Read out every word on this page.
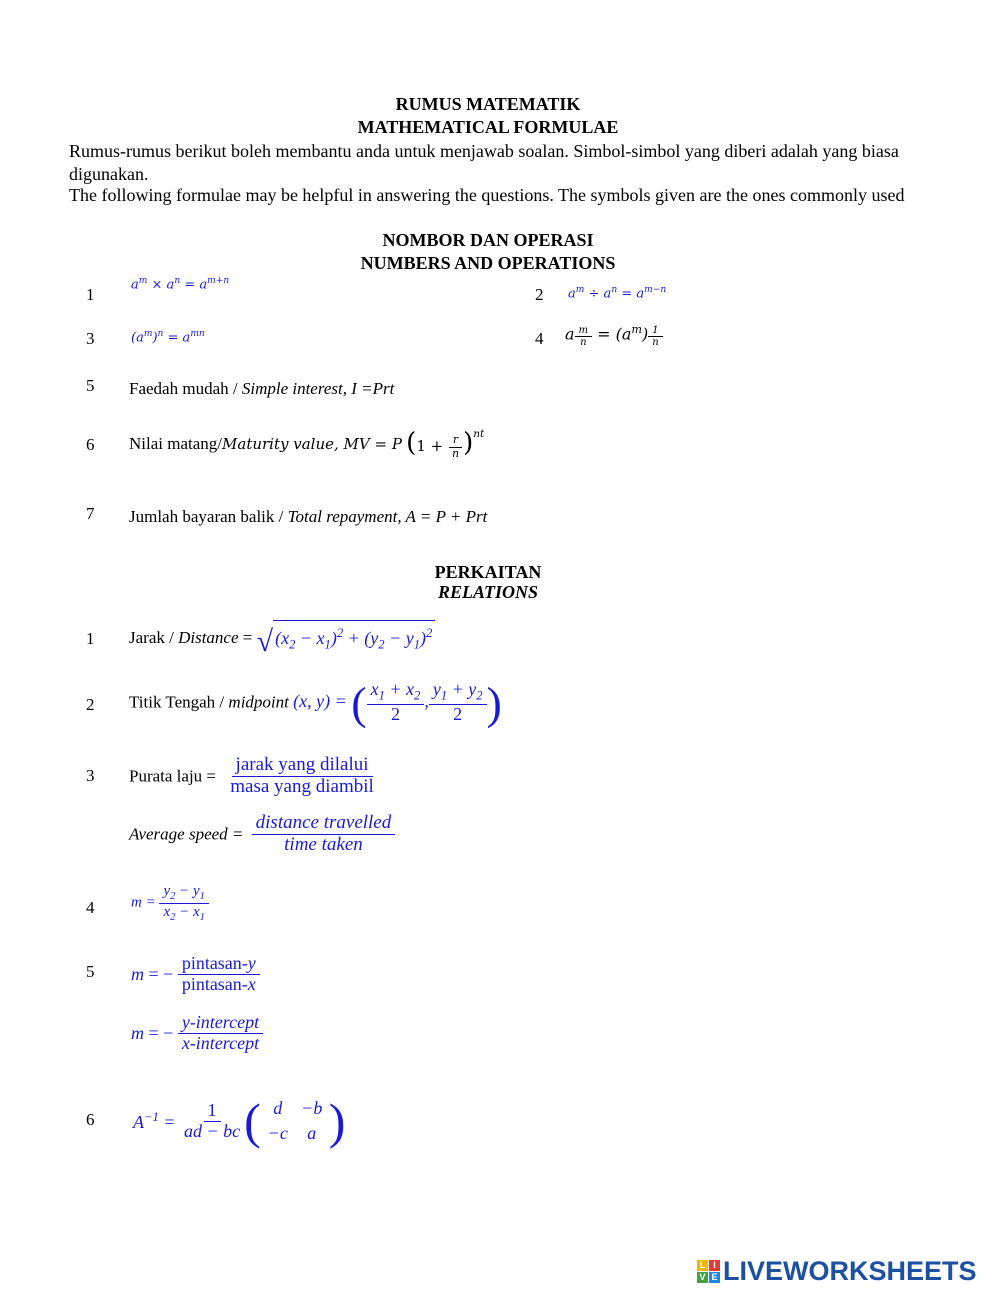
RUMUS MATEMATIK
MATHEMATICAL FORMULAE
Rumus-rumus berikut boleh membantu anda untuk menjawab soalan. Simbol-simbol yang diberi adalah yang biasa digunakan.
The following formulae may be helpful in answering the questions. The symbols given are the ones commonly used
NOMBOR DAN OPERASI
NUMBERS AND OPERATIONS
1
$a^m \times a^n = a^{m+n}$
2 $a^m \div a^n = a^{m-n}$
3	$(a^m)^n = a^{mn}$	4 a $\frac{m}{n} = (a^m) \frac{1}{n}$
5 Faedah mudah / Simple interest, I =Prt
6 Nilai matang/Maturity value, MV = P $(1 + \frac{r}{n} )^{nt}$
7 Jumlah bayaran balik / Total repayment, A = P + Prt
PERKAITAN
RELATIONS
1 Jarak / Distance = √ $(x_2 - x_1)^2 + (y_2 - y_1)^2$
2 Titik Tengah / midpoint (x, y) = ( $\frac{x_1 + x_2}{2}$ , $\frac{y_1 + y_2}{2}$ )
3 Purata laju = $\frac{\text{jarak yang dilalui}}{\text{masa yang diambil}}$
Average speed = $\frac{\text{distance travelled}}{\text{time taken}}$
4 $m = \frac{y_2 - y_1}{x_2 - x_1}$
5 m = − $\frac{\text{pintasan-y}}{\text{pintasan-x}}$
m = − $\frac{\text{y-intercept}}{\text{x-intercept}}$
6 $A^{-1} = \frac{1}{ad - bc}$ ( d	−b
−c	a )
L I
V E LIVEWORKSHEETS
